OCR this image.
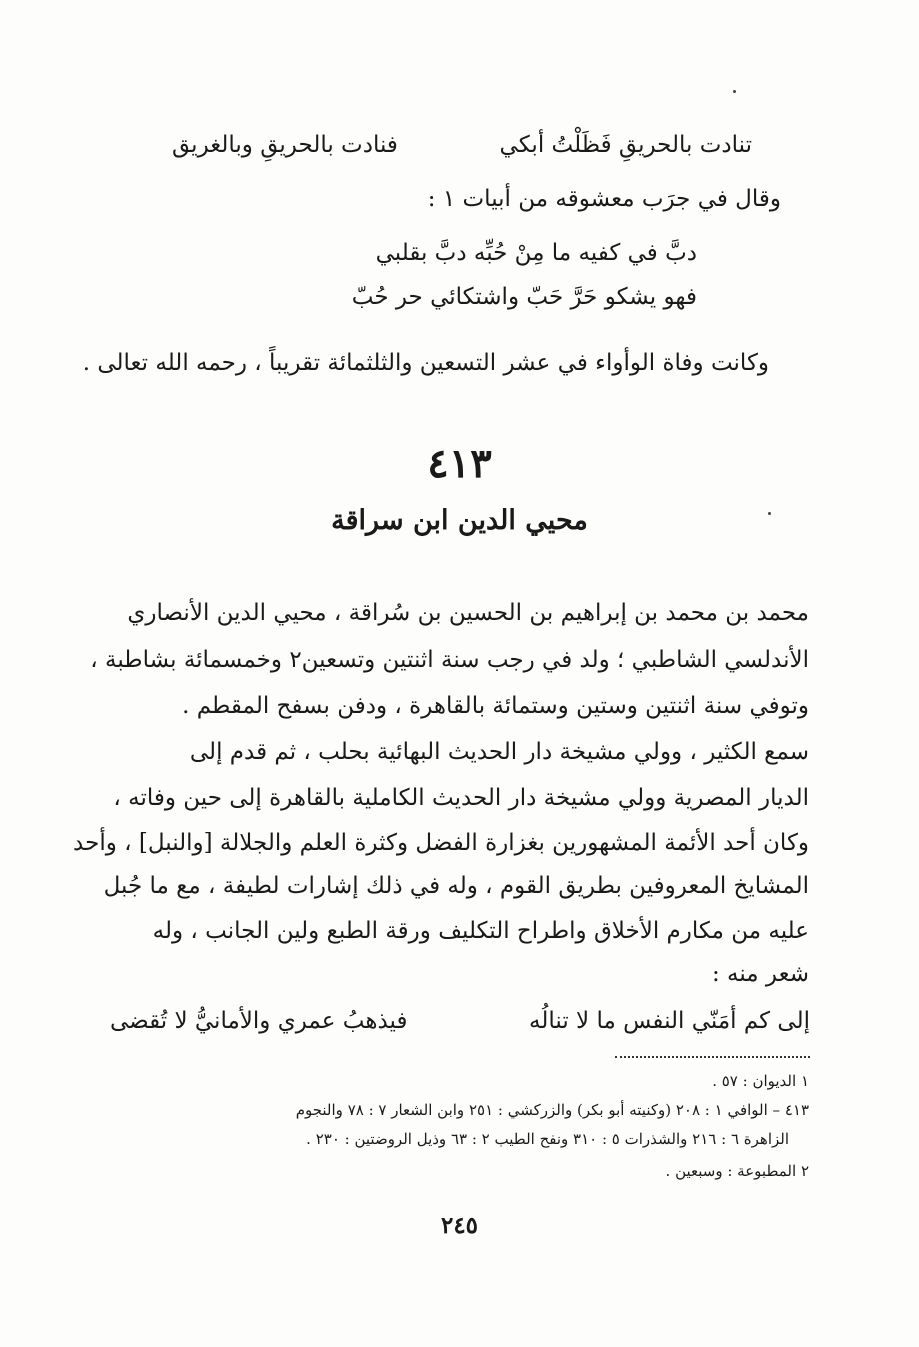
تنادت بالحريقِ فَظَلْتُ أبكي
فنادت بالحريقِ وبالغريق
وقال في جرَب معشوقه من أبيات ١ :
دبَّ في كفيه ما مِنْ حُبِّه دبَّ بقلبي
فهو يشكو حَرَّ حَبّ واشتكائي حر حُبّ
وكانت وفاة الوأواء في عشر التسعين والثلثمائة تقريباً ، رحمه الله تعالى .
٤١٣
محيي الدين ابن سراقة
محمد بن محمد بن إبراهيم بن الحسين بن سُراقة ، محيي الدين الأنصاري
الأندلسي الشاطبي ؛ ولد في رجب سنة اثنتين وتسعين٢ وخمسمائة بشاطبة ،
وتوفي سنة اثنتين وستين وستمائة بالقاهرة ، ودفن بسفح المقطم .
سمع الكثير ، وولي مشيخة دار الحديث البهائية بحلب ، ثم قدم إلى
الديار المصرية وولي مشيخة دار الحديث الكاملية بالقاهرة إلى حين وفاته ،
وكان أحد الأئمة المشهورين بغزارة الفضل وكثرة العلم والجلالة [والنبل] ، وأحد
المشايخ المعروفين بطريق القوم ، وله في ذلك إشارات لطيفة ، مع ما جُبل
عليه من مكارم الأخلاق واطراح التكليف ورقة الطبع ولين الجانب ، وله
شعر منه :
إلى كم أمَنّي النفس ما لا تنالُه
فيذهبُ عمري والأمانيُّ لا تُقضى
١ الديوان : ٥٧ .
٤١٣ – الوافي ١ : ٢٠٨ (وكنيته أبو بكر) والزركشي : ٢٥١ وابن الشعار ٧ : ٧٨ والنجوم
الزاهرة ٦ : ٢١٦ والشذرات ٥ : ٣١٠ ونفح الطيب ٢ : ٦٣ وذيل الروضتين : ٢٣٠ .
٢ المطبوعة : وسبعين .
٢٤٥
